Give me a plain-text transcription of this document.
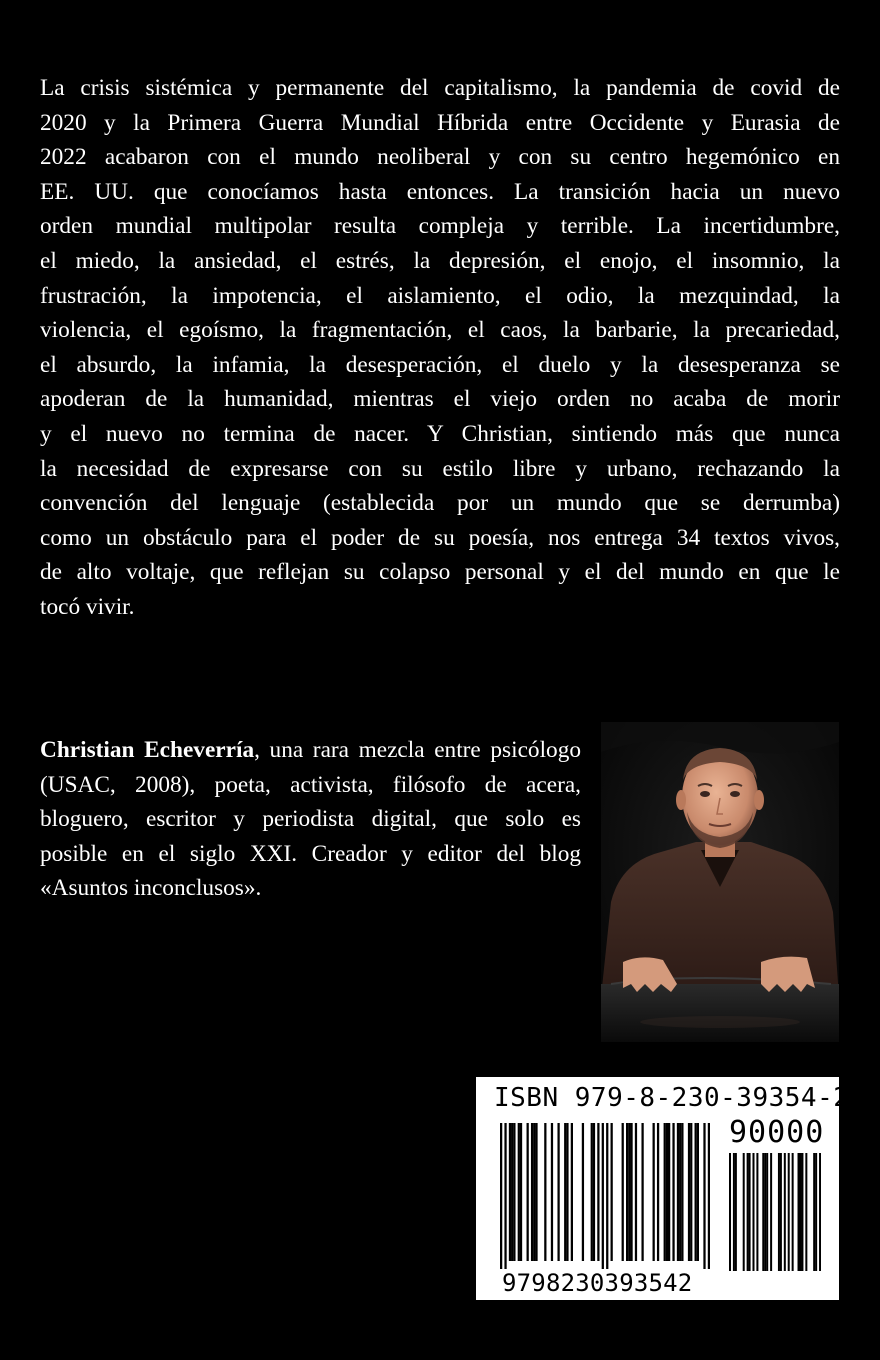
La crisis sistémica y permanente del capitalismo, la pandemia de covid de
2020 y la Primera Guerra Mundial Híbrida entre Occidente y Eurasia de
2022 acabaron con el mundo neoliberal y con su centro hegemónico en
EE. UU. que conocíamos hasta entonces. La transición hacia un nuevo
orden mundial multipolar resulta compleja y terrible. La incertidumbre,
el miedo, la ansiedad, el estrés, la depresión, el enojo, el insomnio, la
frustración, la impotencia, el aislamiento, el odio, la mezquindad, la
violencia, el egoísmo, la fragmentación, el caos, la barbarie, la precariedad,
el absurdo, la infamia, la desesperación, el duelo y la desesperanza se
apoderan de la humanidad, mientras el viejo orden no acaba de morir
y el nuevo no termina de nacer. Y Christian, sintiendo más que nunca
la necesidad de expresarse con su estilo libre y urbano, rechazando la
convención del lenguaje (establecida por un mundo que se derrumba)
como un obstáculo para el poder de su poesía, nos entrega 34 textos vivos,
de alto voltaje, que reflejan su colapso personal y el del mundo en que le
tocó vivir.
Christian Echeverría, una rara mezcla entre psicólogo
(USAC, 2008), poeta, activista, filósofo de acera,
bloguero, escritor y periodista digital, que solo es
posible en el siglo XXI. Creador y editor del blog
«Asuntos inconclusos».
ISBN 979-8-230-39354-2
90000
9798230393542
